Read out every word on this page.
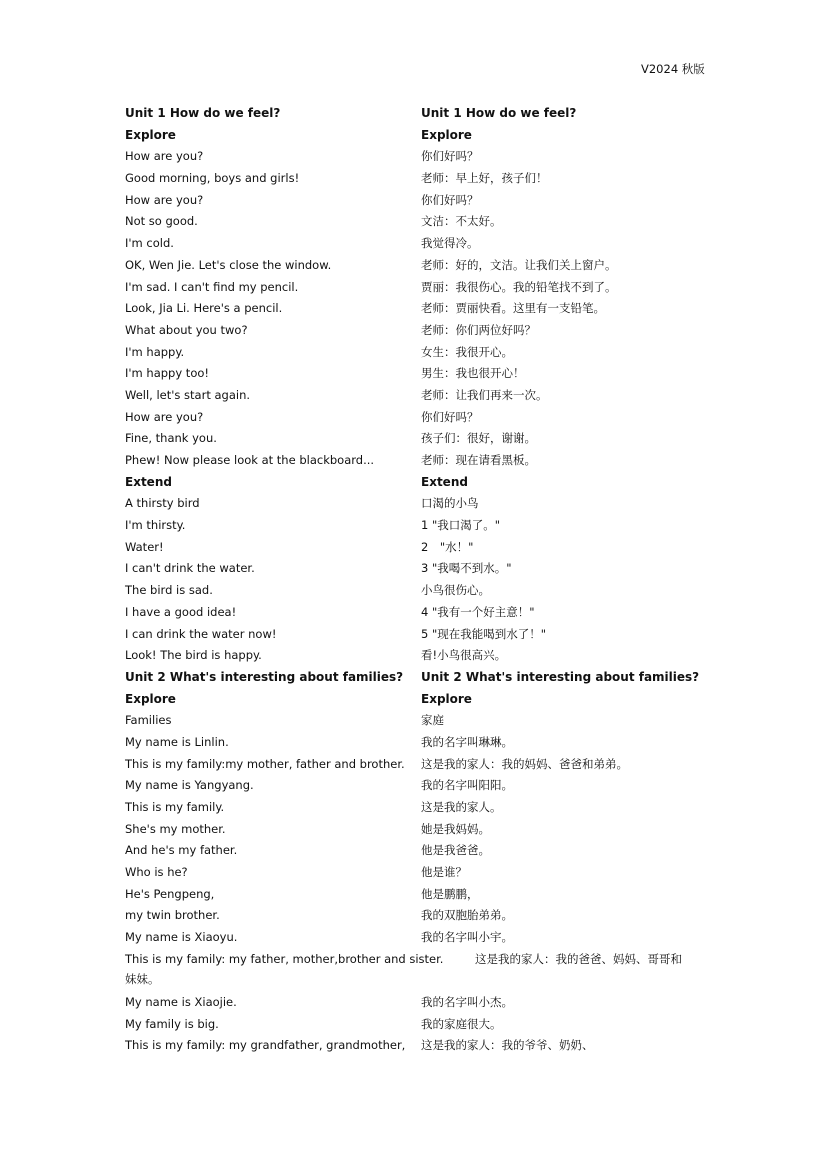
V2024 秋版
Unit 1 How do we feel?	Unit 1 How do we feel?
Explore	Explore
How are you?	你们好吗？
Good morning, boys and girls!	老师：早上好，孩子们！
How are you?	你们好吗？
Not so good.	文洁：不太好。
I'm cold.	我觉得冷。
OK, Wen Jie. Let's close the window.	老师：好的，文洁。让我们关上窗户。
I'm sad. I can't find my pencil.	贾丽：我很伤心。我的铅笔找不到了。
Look, Jia Li. Here's a pencil.	老师：贾丽快看。这里有一支铅笔。
What about you two?	老师：你们两位好吗？
I'm happy.	女生：我很开心。
I'm happy too!	男生：我也很开心！
Well, let's start again.	老师：让我们再来一次。
How are you?	你们好吗？
Fine, thank you.	孩子们：很好，谢谢。
Phew! Now please look at the blackboard...	老师：现在请看黑板。
Extend	Extend
A thirsty bird	口渴的小鸟
I'm thirsty.	1 "我口渴了。"
Water!	2　"水！"
I can't drink the water.	3 "我喝不到水。"
The bird is sad.	小鸟很伤心。
I have a good idea!	4 "我有一个好主意！"
I can drink the water now!	5 "现在我能喝到水了！"
Look! The bird is happy.	看!小鸟很高兴。
Unit 2 What's interesting about families? Unit 2 What's interesting about families?
Explore	Explore
Families	家庭
My name is Linlin.	我的名字叫琳琳。
This is my family:my mother, father and brother. 这是我的家人：我的妈妈、爸爸和弟弟。
My name is Yangyang.	我的名字叫阳阳。
This is my family.	这是我的家人。
She's my mother.	她是我妈妈。
And he's my father.	他是我爸爸。
Who is he?	他是谁？
He's Pengpeng,	他是鹏鹏，
my twin brother.	我的双胞胎弟弟。
My name is Xiaoyu.	我的名字叫小宇。
This is my family: my father, mother,brother and sister.	这是我的家人：我的爸爸、妈妈、哥哥和
妹妹。
My name is Xiaojie.	我的名字叫小杰。
My family is big.	我的家庭很大。
This is my family: my grandfather, grandmother, 这是我的家人：我的爷爷、奶奶、
